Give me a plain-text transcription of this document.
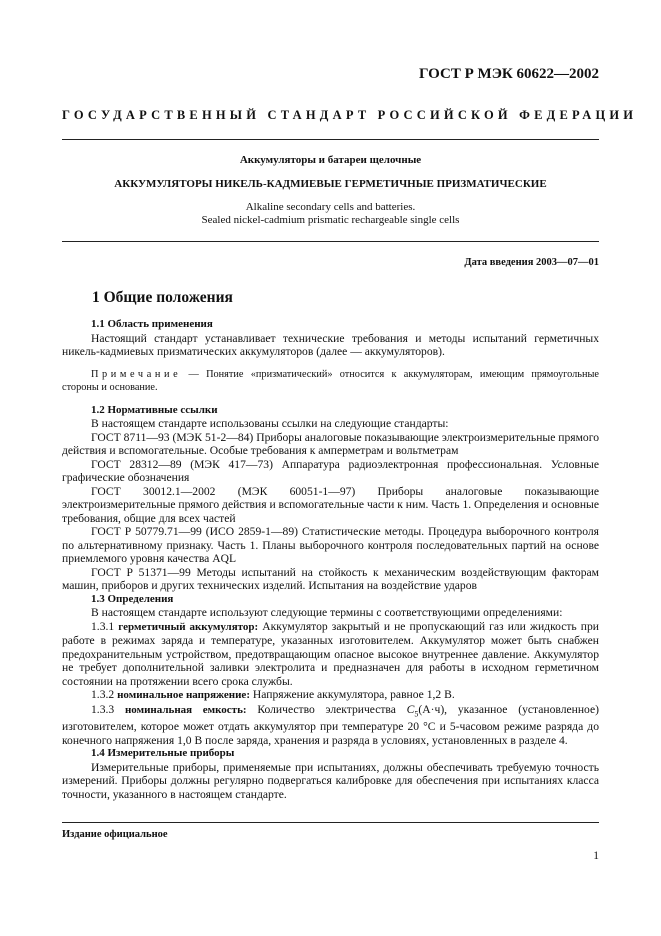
ГОСТ Р МЭК 60622—2002
ГОСУДАРСТВЕННЫЙ СТАНДАРТ РОССИЙСКОЙ ФЕДЕРАЦИИ
Аккумуляторы и батареи щелочные
АККУМУЛЯТОРЫ НИКЕЛЬ-КАДМИЕВЫЕ ГЕРМЕТИЧНЫЕ ПРИЗМАТИЧЕСКИЕ
Alkaline secondary cells and batteries.
Sealed nickel-cadmium prismatic rechargeable single cells
Дата введения 2003—07—01
1 Общие положения

1.1 Область применения

Настоящий стандарт устанавливает технические требования и методы испытаний герметичных никель-кадмиевых призматических аккумуляторов (далее — аккумуляторов).

Примечание — Понятие «призматический» относится к аккумуляторам, имеющим прямоугольные стороны и основание.

1.2 Нормативные ссылки

В настоящем стандарте использованы ссылки на следующие стандарты:

ГОСТ 8711—93 (МЭК 51-2—84) Приборы аналоговые показывающие электроизмерительные прямого действия и вспомогательные. Особые требования к амперметрам и вольтметрам

ГОСТ 28312—89 (МЭК 417—73) Аппаратура радиоэлектронная профессиональная. Условные графические обозначения

ГОСТ 30012.1—2002 (МЭК 60051-1—97) Приборы аналоговые показывающие электроизмерительные прямого действия и вспомогательные части к ним. Часть 1. Определения и основные требования, общие для всех частей

ГОСТ Р 50779.71—99 (ИСО 2859-1—89) Статистические методы. Процедура выборочного контроля по альтернативному признаку. Часть 1. Планы выборочного контроля последовательных партий на основе приемлемого уровня качества AQL

ГОСТ Р 51371—99 Методы испытаний на стойкость к механическим воздействующим факторам машин, приборов и других технических изделий. Испытания на воздействие ударов

1.3 Определения

В настоящем стандарте используют следующие термины с соответствующими определениями:

1.3.1 герметичный аккумулятор: Аккумулятор закрытый и не пропускающий газ или жидкость при работе в режимах заряда и температуре, указанных изготовителем. Аккумулятор может быть снабжен предохранительным устройством, предотвращающим опасное высокое внутреннее давление. Аккумулятор не требует дополнительной заливки электролита и предназначен для работы в исходном герметичном состоянии на протяжении всего срока службы.

1.3.2 номинальное напряжение: Напряжение аккумулятора, равное 1,2 В.

1.3.3 номинальная емкость: Количество электричества $C_5(А\cdot ч)$, указанное (установленное) изготовителем, которое может отдать аккумулятор при температуре 20 °С и 5-часовом режиме разряда до конечного напряжения 1,0 В после заряда, хранения и разряда в условиях, установленных в разделе 4.

1.4 Измерительные приборы

Измерительные приборы, применяемые при испытаниях, должны обеспечивать требуемую точность измерений. Приборы должны регулярно подвергаться калибровке для обеспечения при испытаниях класса точности, указанного в настоящем стандарте.

Издание официальное
1
